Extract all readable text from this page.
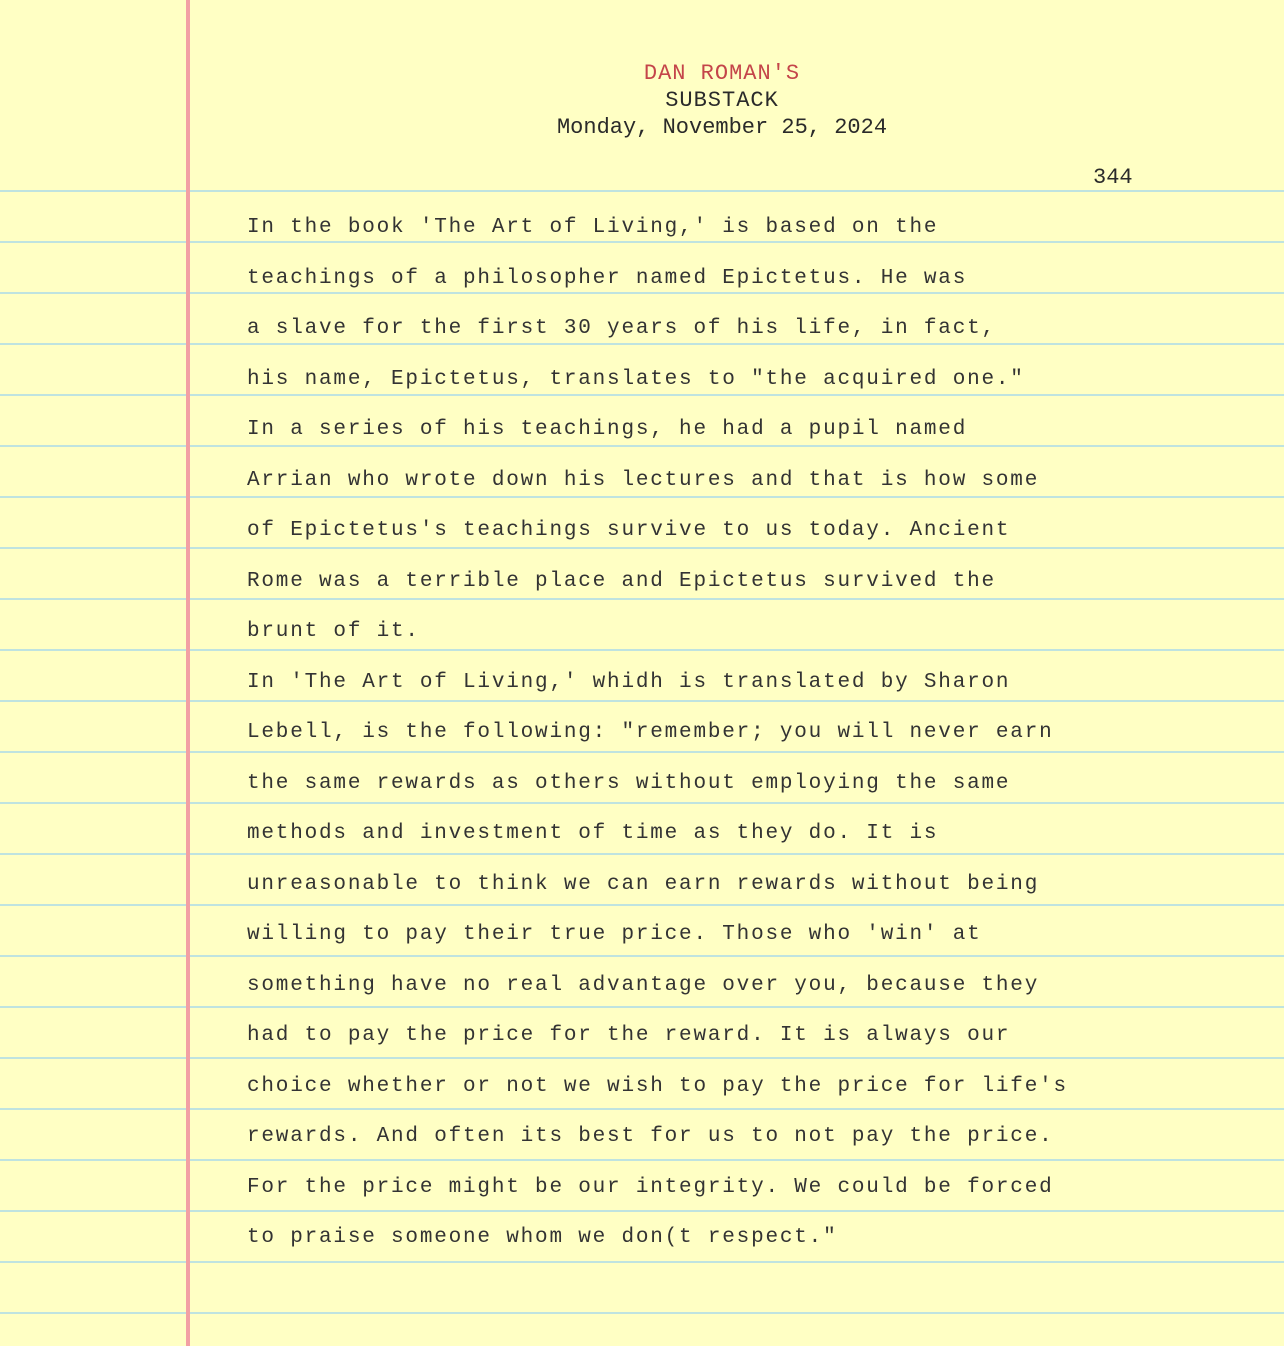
DAN ROMAN'S
SUBSTACK
Monday, November 25, 2024
344
In the book 'The Art of Living,' is based on the
teachings of a philosopher named Epictetus. He was
a slave for the first 30 years of his life, in fact,
his name, Epictetus, translates to "the acquired one."
In a series of his teachings, he had a pupil named
Arrian who wrote down his lectures and that is how some
of Epictetus's teachings survive to us today. Ancient
Rome was a terrible place and Epictetus survived the
brunt of it.
In 'The Art of Living,' whidh is translated by Sharon
Lebell, is the following: "remember; you will never earn
the same rewards as others without employing the same
methods and investment of time as they do. It is
unreasonable to think we can earn rewards without being
willing to pay their true price. Those who 'win' at
something have no real advantage over you, because they
had to pay the price for the reward. It is always our
choice whether or not we wish to pay the price for life's
rewards. And often its best for us to not pay the price.
For the price might be our integrity. We could be forced
to praise someone whom we don(t respect."
